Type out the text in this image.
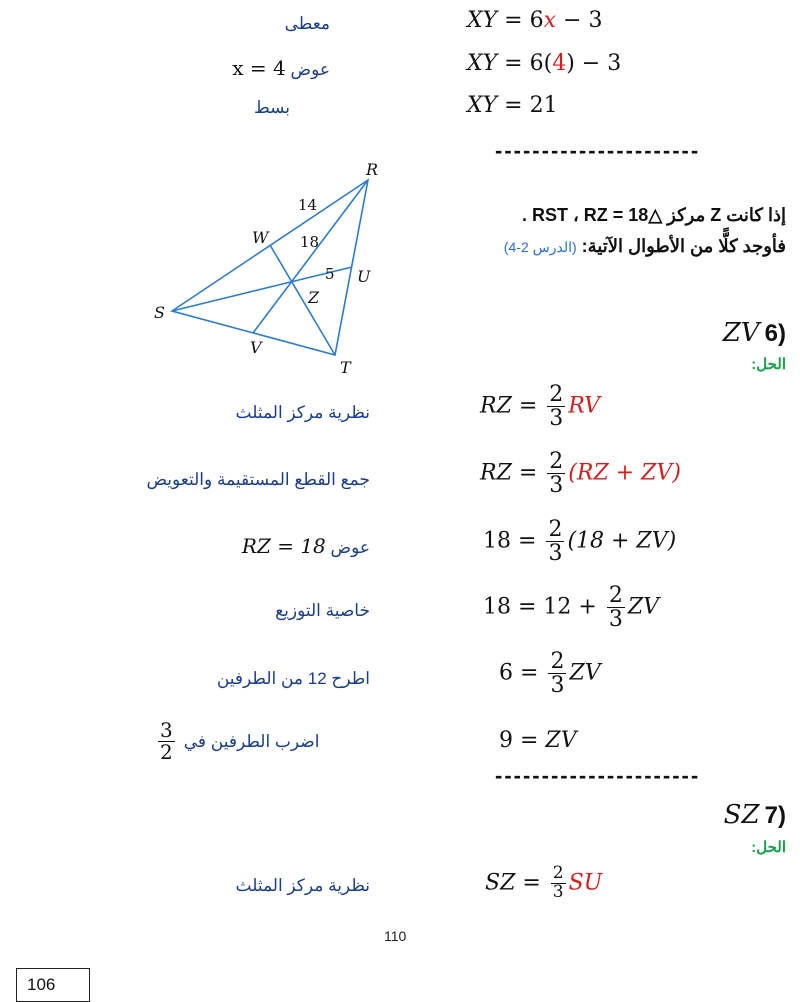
XY = 6x − 3
معطى
XY = 6(4) − 3
عوض x = 4
XY = 21
بسط
----------------------
R
S
T
U
V
W
Z
14
18
5
إذا كانت Z مركز △RST ، RZ = 18 .
فأوجد كلًّا من الأطوال الآتية: (الدرس 2-4)
ZV 6)
الحل:
RZ = $\frac{2}{3}$ RV
نظرية مركز المثلث
RZ = $\frac{2}{3} (RZ + ZV)$
جمع القطع المستقيمة والتعويض
$18 = \frac{2}{3} (18 + ZV)$
عوض RZ = 18
$18 = 12 + \frac{2}{3}$ ZV
خاصية التوزيع
$6 = \frac{2}{3}$ ZV
اطرح 12 من الطرفين
9 = ZV
اضرب الطرفين في
$\frac{3}{2}$
----------------------
SZ 7)
الحل:
SZ = $\frac{2}{3}$ SU
نظرية مركز المثلث
110
106
